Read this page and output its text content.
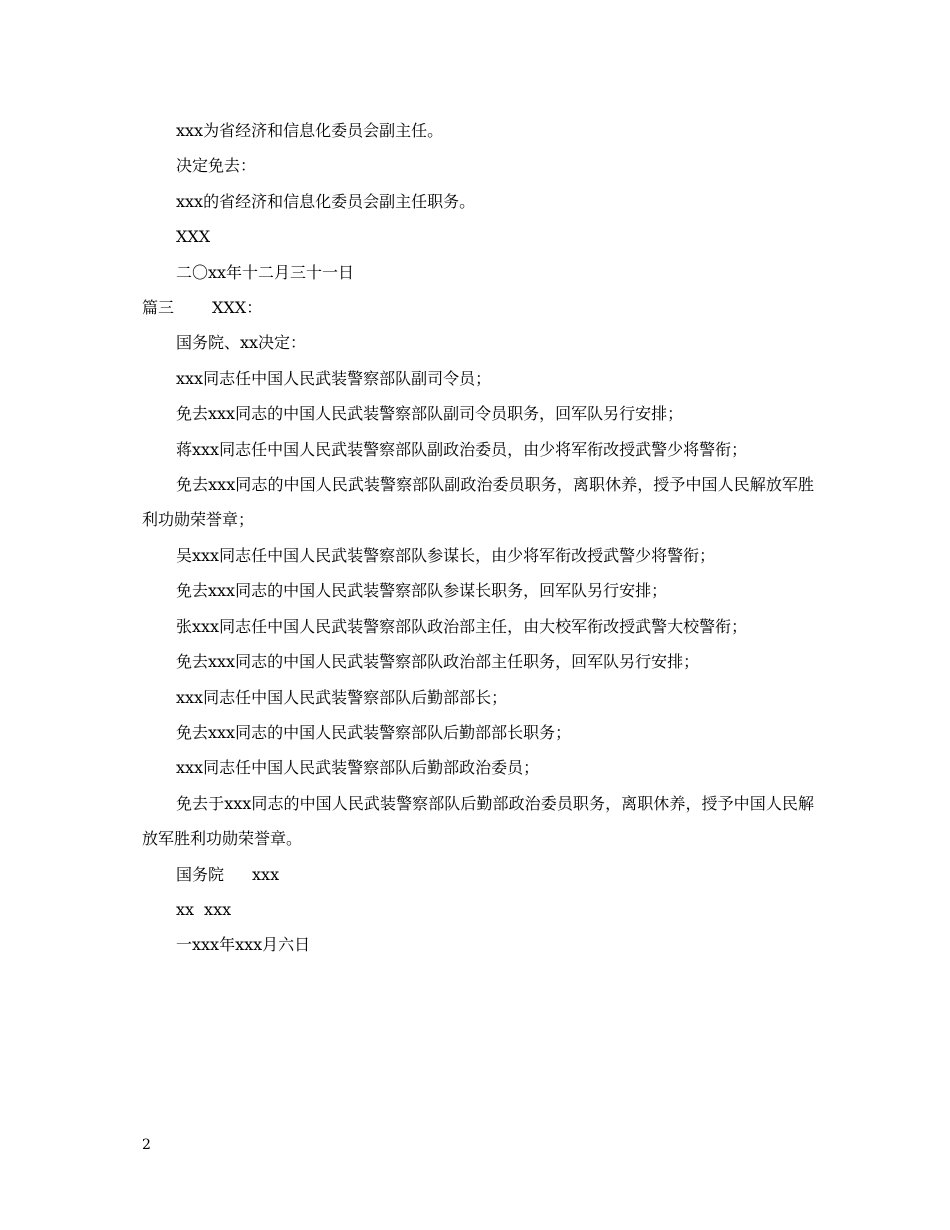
xxx为省经济和信息化委员会副主任。

决定免去：

xxx的省经济和信息化委员会副主任职务。

XXX

二〇xx年十二月三十一日

篇三 XXX：

国务院、xx决定：

xxx同志任中国人民武装警察部队副司令员；

免去xxx同志的中国人民武装警察部队副司令员职务，回军队另行安排；

蒋xxx同志任中国人民武装警察部队副政治委员，由少将军衔改授武警少将警衔；

免去xxx同志的中国人民武装警察部队副政治委员职务，离职休养，授予中国人民解放军胜利功勋荣誉章；

吴xxx同志任中国人民武装警察部队参谋长，由少将军衔改授武警少将警衔；

免去xxx同志的中国人民武装警察部队参谋长职务，回军队另行安排；

张xxx同志任中国人民武装警察部队政治部主任，由大校军衔改授武警大校警衔；

免去xxx同志的中国人民武装警察部队政治部主任职务，回军队另行安排；

xxx同志任中国人民武装警察部队后勤部部长；

免去xxx同志的中国人民武装警察部队后勤部部长职务；

xxx同志任中国人民武装警察部队后勤部政治委员；

免去于xxx同志的中国人民武装警察部队后勤部政治委员职务，离职休养，授予中国人民解放军胜利功勋荣誉章。

国务院 xxx

xx xxx

一xxx年xxx月六日

2
